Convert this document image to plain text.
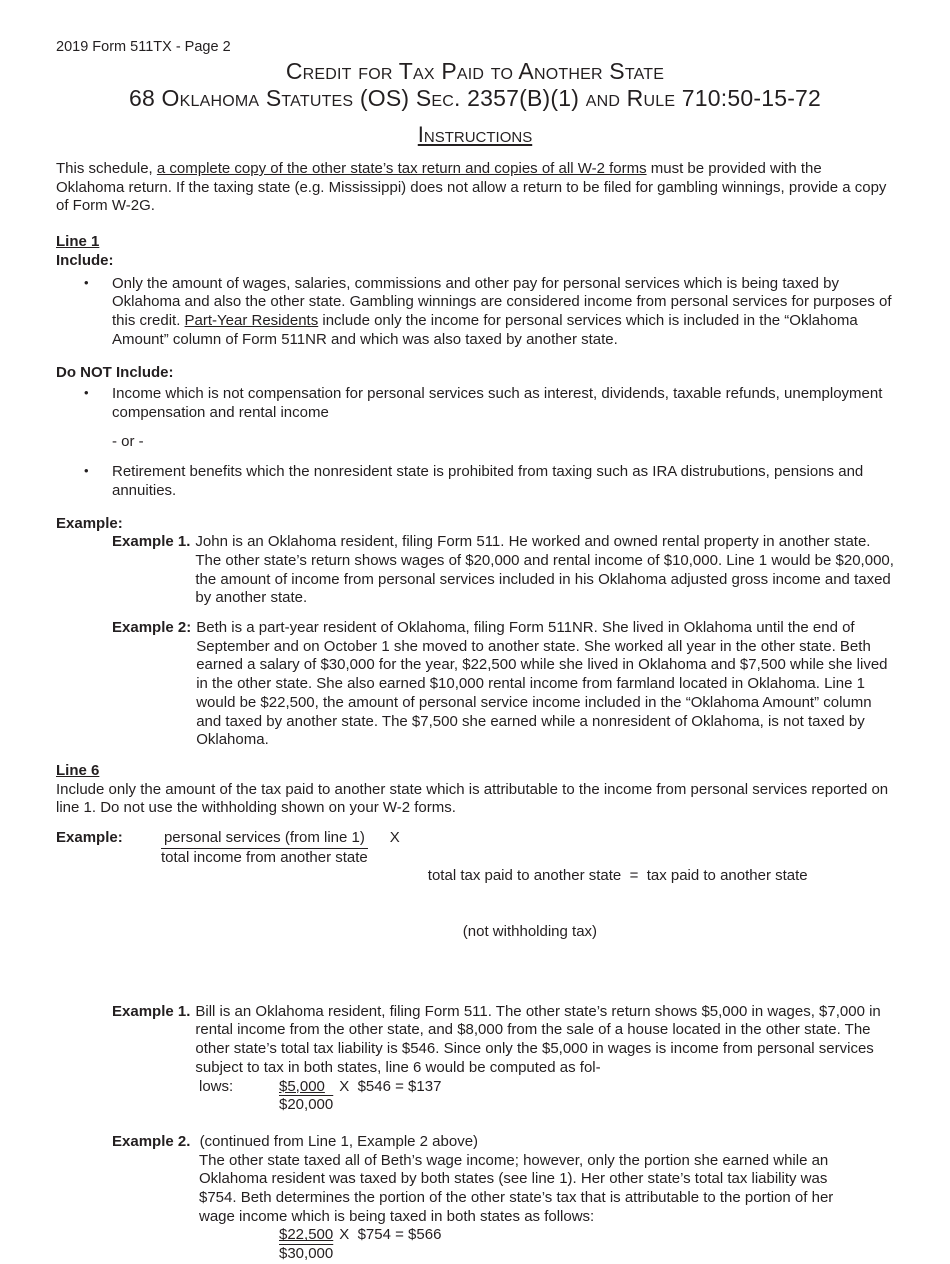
2019 Form 511TX - Page 2
Credit for Tax Paid to Another State
68 Oklahoma Statutes (OS) Sec. 2357(B)(1) and Rule 710:50-15-72
Instructions

This schedule, a complete copy of the other state’s tax return and copies of all W-2 forms must be provided with the Oklahoma return. If the taxing state (e.g. Mississippi) does not allow a return to be filed for gambling winnings, provide a copy of Form W-2G.

Line 1
Include:
• Only the amount of wages, salaries, commissions and other pay for personal services which is being taxed by Oklahoma and also the other state. Gambling winnings are considered income from personal services for purposes of this credit. Part-Year Residents include only the income for personal services which is included in the “Oklahoma Amount” column of Form 511NR and which was also taxed by another state.
Do NOT Include:
• Income which is not compensation for personal services such as interest, dividends, taxable refunds, unemployment compensation and rental income
- or -
• Retirement benefits which the nonresident state is prohibited from taxing such as IRA distrubutions, pensions and annuities.
Example:
Example 1. John is an Oklahoma resident, filing Form 511. He worked and owned rental property in another state. The other state’s return shows wages of $20,000 and rental income of $10,000. Line 1 would be $20,000, the amount of income from personal services included in his Oklahoma adjusted gross income and taxed by another state.
Example 2: Beth is a part-year resident of Oklahoma, filing Form 511NR. She lived in Oklahoma until the end of September and on October 1 she moved to another state. She worked all year in the other state. Beth earned a salary of $30,000 for the year, $22,500 while she lived in Oklahoma and $7,500 while she lived in the other state. She also earned $10,000 rental income from farmland located in Oklahoma. Line 1 would be $22,500, the amount of personal service income included in the “Oklahoma Amount” column and taxed by another state. The $7,500 she earned while a nonresident of Oklahoma, is not taxed by Oklahoma.
Line 6

Include only the amount of the tax paid to another state which is attributable to the income from personal services reported on line 1. Do not use the withholding shown on your W-2 forms.

Example:	$\frac{\text{personal services (from line 1)}}{\text{total income from another state}}$ X

total tax paid to another state  =  tax paid to another state

(not withholding tax)

Example 1. Bill is an Oklahoma resident, filing Form 511. The other state’s return shows $5,000 in wages, $7,000 in rental income from the other state, and $8,000 from the sale of a house located in the other state. The other state’s total tax liability is $546. Since only the $5,000 in wages is income from personal services subject to tax in both states, line 6 would be computed as fol-
lows:	$\frac{\$5,000}{\$20,000}$ X  $546 = $137
Example 2. (continued from Line 1, Example 2 above)
The other state taxed all of Beth’s wage income; however, only the portion she earned while an Oklahoma resident was taxed by both states (see line 1). Her other state’s total tax liability was $754. Beth determines the portion of the other state’s tax that is attributable to the portion of her wage income which is being taxed in both states as follows:
$\frac{\$22,500}{\$30,000}$ X  $754 = $566
